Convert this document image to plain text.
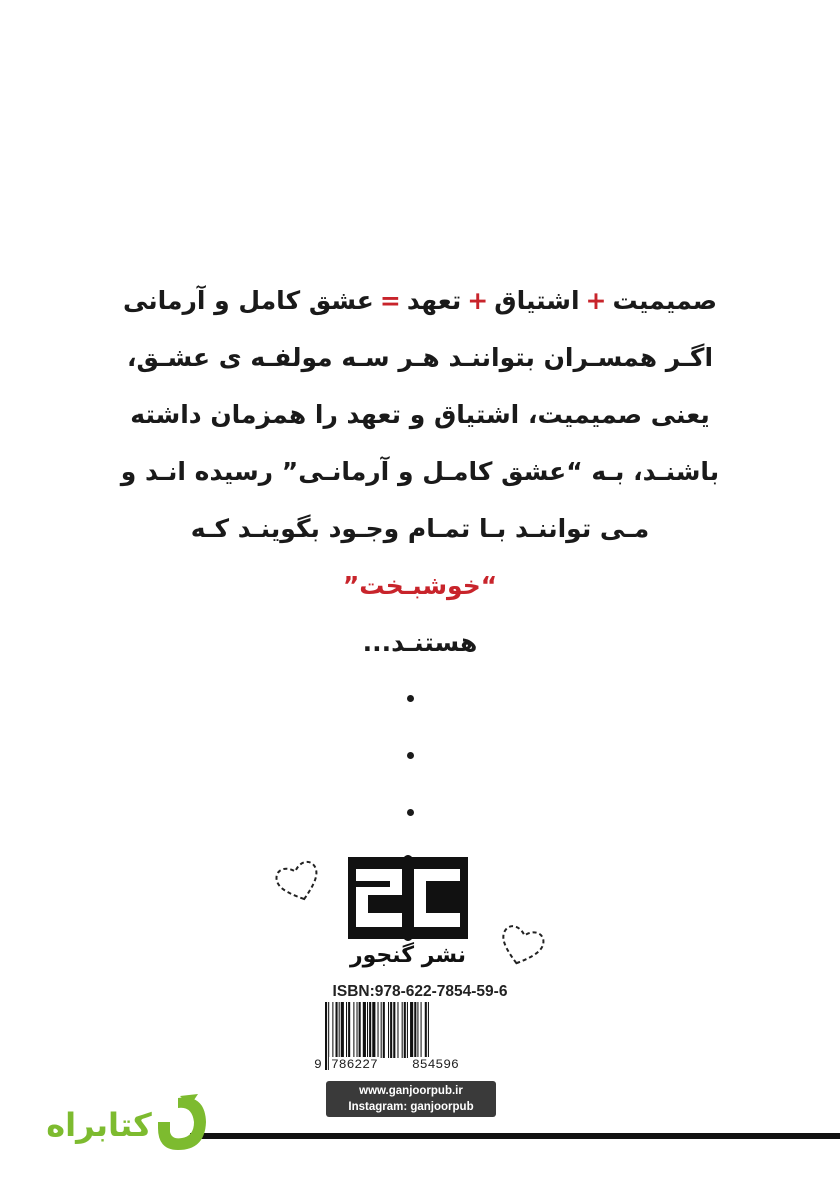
صمیمیت+اشتیاق+تعهد=عشق کامل و آرمانی
اگـر همسـران بتواننـد هـر سـه مولفـه ی عشـق،
یعنی صمیمیت، اشتیاق و تعهد را همزمان داشته
باشنـد، بـه “عشق کامـل و آرمانـی” رسیده انـد و
مـی تواننـد بـا تمـام وجـود بگوینـد کـه
“خوشبـخت”
هستنـد...
نشر گنجور
ISBN:978-622-7854-59-6
9 786227	854596
www.ganjoorpub.ir
Instagram: ganjoorpub
کتابراه
